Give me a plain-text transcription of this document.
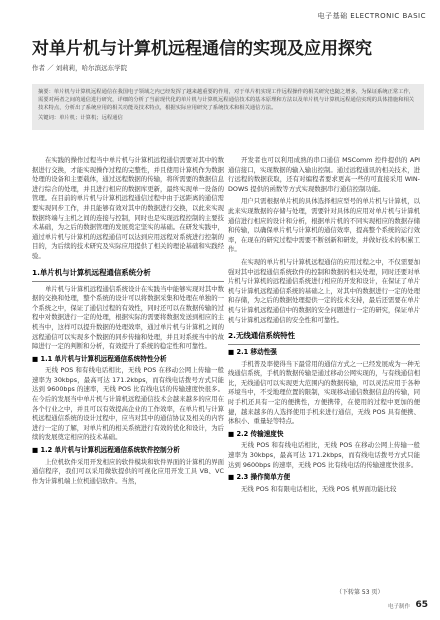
电子基础 ELECTRONIC BASIC
对单片机与计算机远程通信的实现及应用探究
作者 ／ 刘莉莉，哈尔滨远东学院

摘要：单片机与计算机远程通信在我国电子领域之内已经发挥了越来越重要的作用，对于单片机实现工作远程操作的相关研究也随之增多，为保证系统正常工作，需要对两者之间的通信进行研究，详细的分析了当前现代化的单片机与计算机远程通信技术的基本原理和方法以及单片机与计算机远程通信实现的具体措施和相关技术特点，分析出了系统应用的相关功能及技术特点，根据实际应用研究了系统技术和相关通信方法。

关键词：单片机；计算机；远程通信

在实践的操作过程当中单片机与计算机远程通信需要对其中的数据进行交换，才能实现操作过程的完整性，并且使用计算机作为数据处理的设备和主要载体，通过远程数据的传输，将所需要的数据信息进行综合的处理，并且进行相应的数据库更新，最终实现单一设备的管理。在目前的单片机与计算机远程通信过程中由于远距离的通信需要实现同步工作，并且能够有效对其中的数据进行交换，以此来实现数据终端与主机之间的连接与控制，同时也是实现远程控制的主要技术基础，为之后的数据管理的发展奠定坚实的基础。在研发实践中，通过单片机与计算机的远程通信可以达到应用远程对系统进行控制的目的，为后续的技术研究及实际应用提供了相关的理论基础和实践经验。

1.单片机与计算机远程通信系统分析

单片机与计算机远程通信系统设计在实践当中能够实现对其中数据的交换和处理，整个系统的设计可以将数据采集和处理在单独的一个系统之中，保证了通信过程的有效性，同时还可以在数据传输的过程中对数据进行一定的处理，根据实际的需要将数据发送到相应的主机当中，这样可以提升数据的处理效率，通过单片机与计算机之间的远程通信可以实现多个数据的同步传输和处理，并且对系统当中的故障进行一定的判断和分析，有效提升了系统的稳定性和可靠性。

■ 1.1 单片机与计算机远程通信系统特性分析

无线 POS 和有线电话相比，无线 POS 在移动公网上传输一般速率为 30kbps，最高可达 171.2kbps，而有线电话拨号方式只能达到 9600bps 的速率，无线 POS 比有线电话的传输速度快很多。在今后的发展当中单片机与计算机远程通信技术会越来越多的应用在各个行业之中，并且可以有效提高企业的工作效率，在单片机与计算机远程通信系统的设计过程中，应当对其中的通信协议及相关的内容进行一定的了解，对单片机的相关系统进行有效的优化和设计，为后续的发展奠定相应的技术基础。

■ 1.2 单片机与计算机远程通信系统软件控制分析

上位机软件采用开发相应的软件模块和软件界面的计算机的界面通信程序，我们可以采用微软提供的可视化应用开发工具 VB、VC 作为计算机端上位机通信软件。当然，

开发者也可以利用成熟的串口通信 MSComm 控件提供的 API 通信接口，实现数据的输入输出控制。通过远程通讯的相关技术，进行远程的数据获取，还有对编程者要求更高一些的可直接采用 WIN-DOWS 提供的函数等方式实现数据串行通信控制功能。

用户只需根据单片机的具体选择相应型号的单片机与计算机，以此来实现数据的存储与处理，需要针对具体的应用对单片机与计算机通信进行相应的设计和分析，根据单片机的不同实现相应的数据存储和传输，以确保单片机与计算机的通信效率，提高整个系统的运行效率，在现在的研究过程中需要不断创新和研发，并做好技术的积累工作。

在实现的单片机与计算机远程通信的应用过程之中，不仅需要加强对其中远程通信系统软件的控制和数据的相关处理，同时还要对单片机与计算机的远程通信系统进行相应的开发和设计，在保证了单片机与计算机远程通信系统的基础之上，对其中的数据进行一定的处理和存储，为之后的数据处理提供一定的技术支持，最后还需要在单片机与计算机远程通信中的数据的安全问题进行一定的研究，保证单片机与计算机远程通信的安全性和可靠性。

2.无线通信系统特性
■ 2.1 移动性强

手机普及率使得当下最常用的通信方式之一已经发展成为一种无线通信系统，手机的数据传输是通过移动公网实现的，与有线通信相比，无线通信可以实现更大范围内的数据传输，可以灵活应用于各种环境当中，不受地理位置的限制，实现移动通信数据信息的传输，同时手机还具有一定的便携性，方便携带，在使用的过程中更加的便捷，越来越多的人选择使用手机来进行通信，无线 POS 具有便携、体积小、重量轻等特点。

■ 2.2 传输速度快

无线 POS 和有线电话相比，无线 POS 在移动公网上传输一般速率为 30kbps，最高可达 171.2kbps，而有线电话拨号方式只能达到 9600bps 的速率，无线 POS 比有线电话的传输速度快很多。

■ 2.3 操作简单方便

无线 POS 和有限电话相比，无线 POS 机界面功能比较

（下转第 53 页）
电子制作 65
